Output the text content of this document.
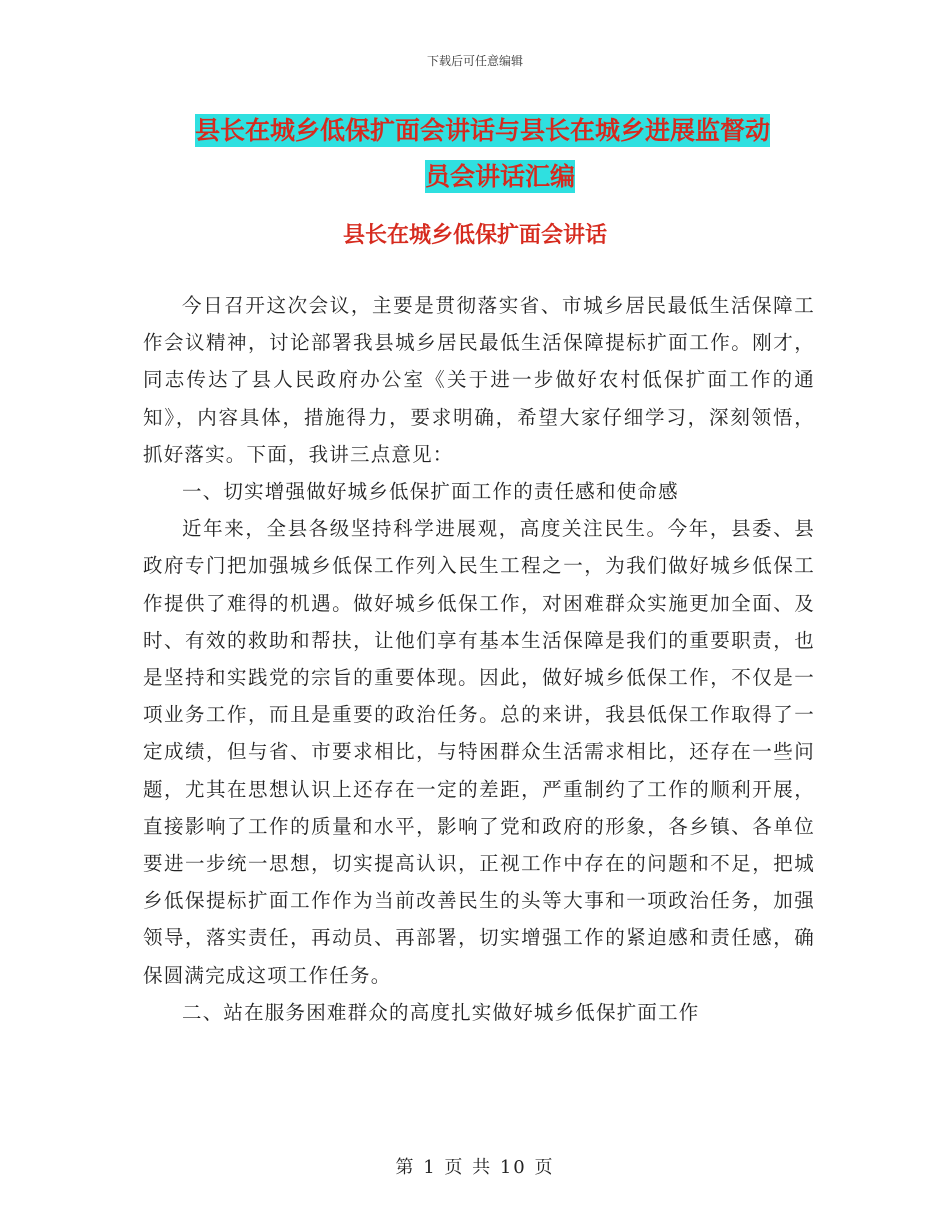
下载后可任意编辑
县长在城乡低保扩面会讲话与县长在城乡进展监督动
员会讲话汇编
县长在城乡低保扩面会讲话

今日召开这次会议，主要是贯彻落实省、市城乡居民最低生活保障工作会议精神，讨论部署我县城乡居民最低生活保障提标扩面工作。刚才，同志传达了县人民政府办公室《关于进一步做好农村低保扩面工作的通知》，内容具体，措施得力，要求明确，希望大家仔细学习，深刻领悟，抓好落实。下面，我讲三点意见：

一、切实增强做好城乡低保扩面工作的责任感和使命感

近年来，全县各级坚持科学进展观，高度关注民生。今年，县委、县政府专门把加强城乡低保工作列入民生工程之一，为我们做好城乡低保工作提供了难得的机遇。做好城乡低保工作，对困难群众实施更加全面、及时、有效的救助和帮扶，让他们享有基本生活保障是我们的重要职责，也是坚持和实践党的宗旨的重要体现。因此，做好城乡低保工作，不仅是一项业务工作，而且是重要的政治任务。总的来讲，我县低保工作取得了一定成绩，但与省、市要求相比，与特困群众生活需求相比，还存在一些问题，尤其在思想认识上还存在一定的差距，严重制约了工作的顺利开展，直接影响了工作的质量和水平，影响了党和政府的形象，各乡镇、各单位要进一步统一思想，切实提高认识，正视工作中存在的问题和不足，把城乡低保提标扩面工作作为当前改善民生的头等大事和一项政治任务，加强领导，落实责任，再动员、再部署，切实增强工作的紧迫感和责任感，确保圆满完成这项工作任务。

二、站在服务困难群众的高度扎实做好城乡低保扩面工作

第 1 页 共 10 页
